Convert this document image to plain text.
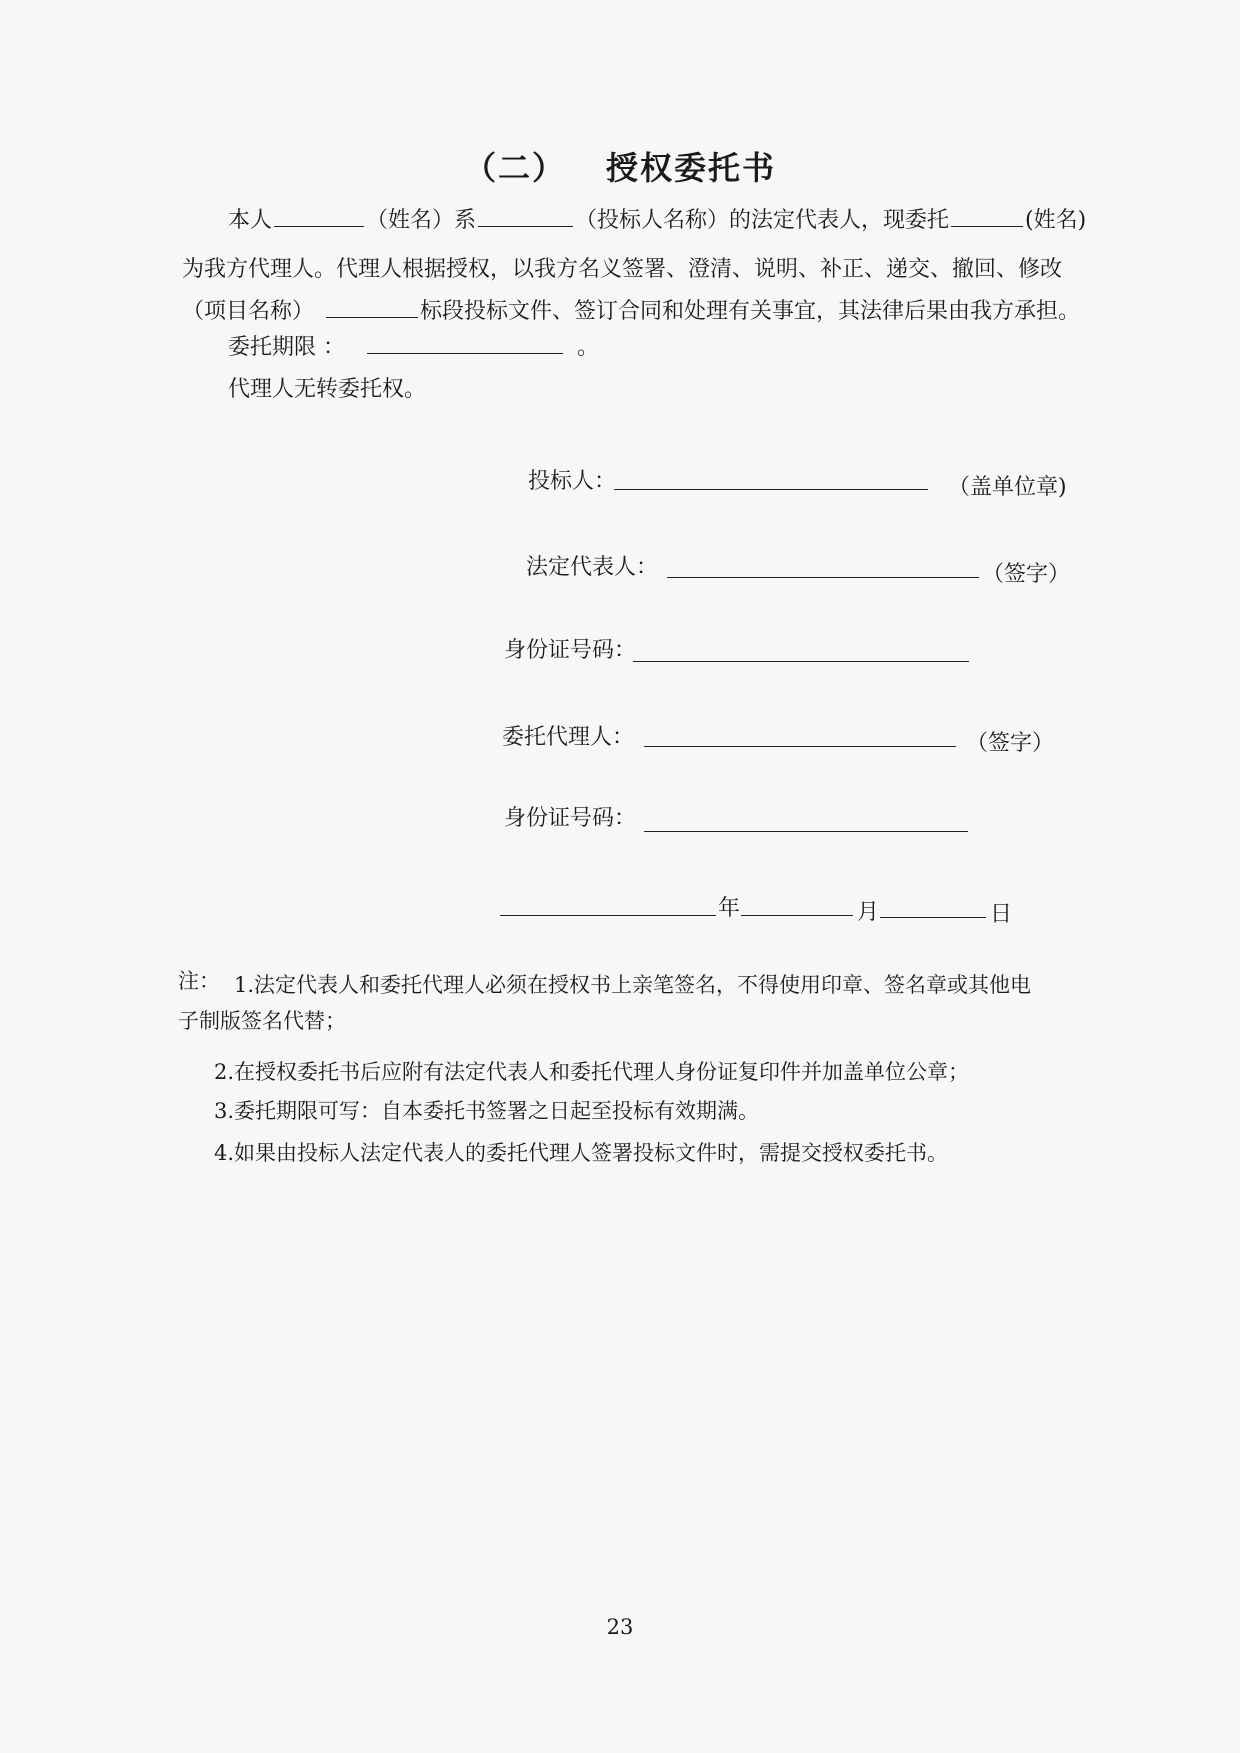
（二） 授权委托书
本人	（姓名）系	（投标人名称）的法定代表人，现委托	(姓名)
为我方代理人。代理人根据授权，以我方名义签署、澄清、说明、补正、递交、撤回、修改
（项目名称）	标段投标文件、签订合同和处理有关事宜，其法律后果由我方承担。
委托期限 ：	。
代理人无转委托权。
投标人：	（盖单位章)
法定代表人：	（签字）
身份证号码：
委托代理人：	（签字）
身份证号码：
年	月	日
注： 1.法定代表人和委托代理人必须在授权书上亲笔签名，不得使用印章、签名章或其他电
子制版签名代替；
2.在授权委托书后应附有法定代表人和委托代理人身份证复印件并加盖单位公章；
3.委托期限可写：自本委托书签署之日起至投标有效期满。
4.如果由投标人法定代表人的委托代理人签署投标文件时，需提交授权委托书。
23
